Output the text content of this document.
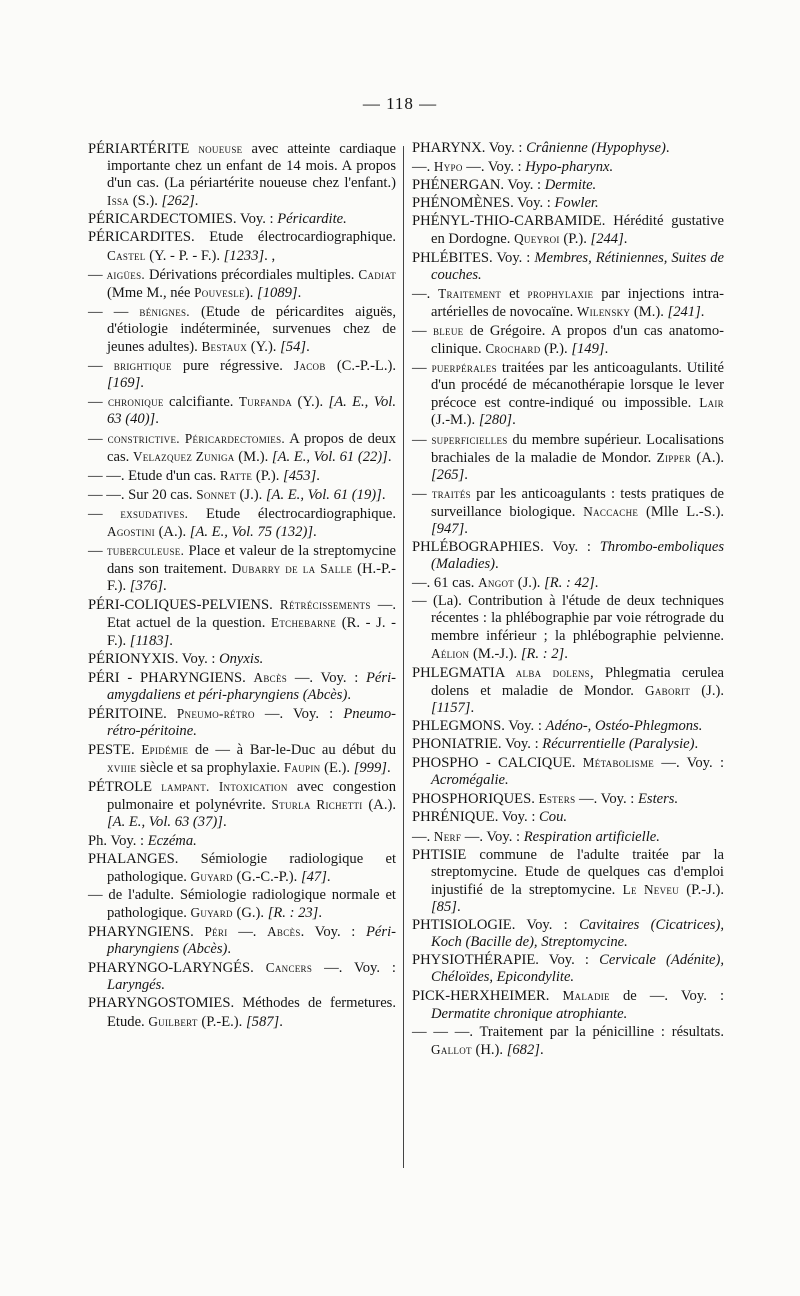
— 118 —

PÉRIARTÉRITE noueuse avec atteinte cardiaque importante chez un enfant de 14 mois. A propos d'un cas. (La périartérite noueuse chez l'enfant.) Issa (S.). [262].

PÉRICARDECTOMIES. Voy. : Péricardite.

PÉRICARDITES. Etude électrocardiographique. Castel (Y. - P. - F.). [1233]. ,

— aigües. Dérivations précordiales multiples. Cadiat (Mme M., née Pouvesle). [1089].

— — bénignes. (Etude de péricardites aiguës, d'étiologie indéterminée, survenues chez de jeunes adultes). Bestaux (Y.). [54].

— brightique pure régressive. Jacob (C.-P.-L.). [169].

— chronique calcifiante. Turfanda (Y.). [A. E., Vol. 63 (40)].

— constrictive. Péricardectomies. A propos de deux cas. Velazquez Zuniga (M.). [A. E., Vol. 61 (22)].

— —. Etude d'un cas. Ratte (P.). [453].

— —. Sur 20 cas. Sonnet (J.). [A. E., Vol. 61 (19)].

— exsudatives. Etude électrocardiographique. Agostini (A.). [A. E., Vol. 75 (132)].

— tuberculeuse. Place et valeur de la streptomycine dans son traitement. Dubarry de la Salle (H.-P.-F.). [376].

PÉRI-COLIQUES-PELVIENS. Rétrécissements —. Etat actuel de la question. Etchebarne (R. - J. - F.). [1183].

PÉRIONYXIS. Voy. : Onyxis.

PÉRI - PHARYNGIENS. Abcès —. Voy. : Péri-amygdaliens et péri-pharyngiens (Abcès).

PÉRITOINE. Pneumo-rétro —. Voy. : Pneumo-rétro-péritoine.

PESTE. Epidémie de — à Bar-le-Duc au début du xviiie siècle et sa prophylaxie. Faupin (E.). [999].

PÉTROLE lampant. Intoxication avec congestion pulmonaire et polynévrite. Sturla Richetti (A.). [A. E., Vol. 63 (37)].

Ph. Voy. : Eczéma.

PHALANGES. Sémiologie radiologique et pathologique. Guyard (G.-C.-P.). [47].

— de l'adulte. Sémiologie radiologique normale et pathologique. Guyard (G.). [R. : 23].

PHARYNGIENS. Péri —. Abcès. Voy. : Péri-pharyngiens (Abcès).

PHARYNGO-LARYNGÉS. Cancers —. Voy. : Laryngés.

PHARYNGOSTOMIES. Méthodes de fermetures. Etude. Guilbert (P.-E.). [587].

PHARYNX. Voy. : Crânienne (Hypophyse).

—. Hypo —. Voy. : Hypo-pharynx.

PHÉNERGAN. Voy. : Dermite.

PHÉNOMÈNES. Voy. : Fowler.

PHÉNYL-THIO-CARBAMIDE. Hérédité gustative en Dordogne. Queyroi (P.). [244].

PHLÉBITES. Voy. : Membres, Rétiniennes, Suites de couches.

—. Traitement et prophylaxie par injections intra-artérielles de novocaïne. Wilensky (M.). [241].

— bleue de Grégoire. A propos d'un cas anatomo-clinique. Crochard (P.). [149].

— puerpérales traitées par les anticoagulants. Utilité d'un procédé de mécanothérapie lorsque le lever précoce est contre-indiqué ou impossible. Lair (J.-M.). [280].

— superficielles du membre supérieur. Localisations brachiales de la maladie de Mondor. Zipper (A.). [265].

— traités par les anticoagulants : tests pratiques de surveillance biologique. Naccache (Mlle L.-S.). [947].

PHLÉBOGRAPHIES. Voy. : Thrombo-emboliques (Maladies).

—. 61 cas. Angot (J.). [R. : 42].

— (La). Contribution à l'étude de deux techniques récentes : la phlébographie par voie rétrograde du membre inférieur ; la phlébographie pelvienne. Aélion (M.-J.). [R. : 2].

PHLEGMATIA alba dolens, Phlegmatia cerulea dolens et maladie de Mondor. Gaborit (J.). [1157].

PHLEGMONS. Voy. : Adéno-, Ostéo-Phlegmons.

PHONIATRIE. Voy. : Récurrentielle (Paralysie).

PHOSPHO - CALCIQUE. Métabolisme —. Voy. : Acromégalie.

PHOSPHORIQUES. Esters —. Voy. : Esters.

PHRÉNIQUE. Voy. : Cou.

—. Nerf —. Voy. : Respiration artificielle.

PHTISIE commune de l'adulte traitée par la streptomycine. Etude de quelques cas d'emploi injustifié de la streptomycine. Le Neveu (P.-J.). [85].

PHTISIOLOGIE. Voy. : Cavitaires (Cicatrices), Koch (Bacille de), Streptomycine.

PHYSIOTHÉRAPIE. Voy. : Cervicale (Adénite), Chéloïdes, Epicondylite.

PICK-HERXHEIMER. Maladie de —. Voy. : Dermatite chronique atrophiante.

— — —. Traitement par la pénicilline : résultats. Gallot (H.). [682].
